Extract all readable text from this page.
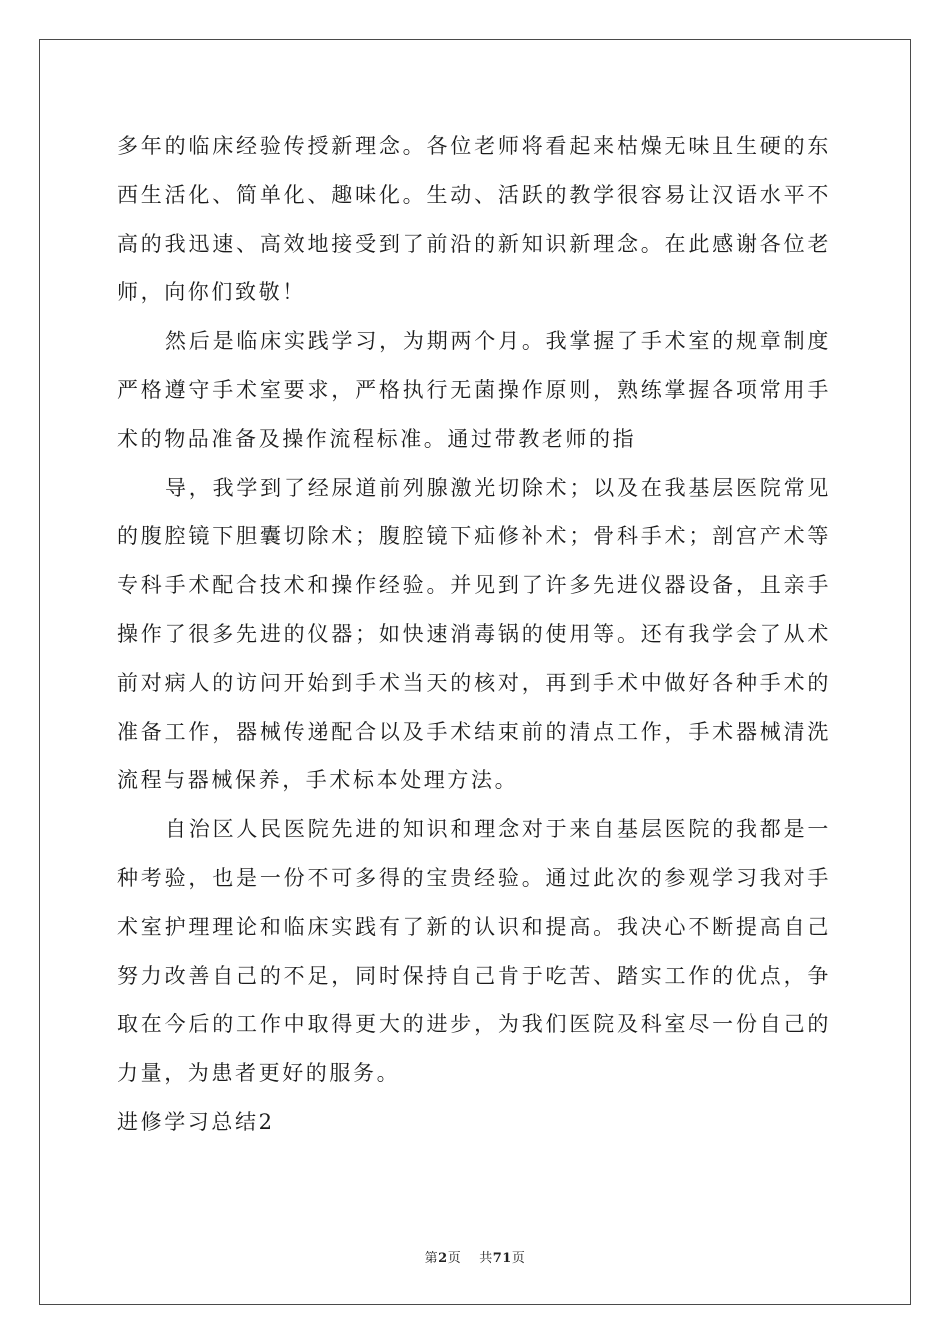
多年的临床经验传授新理念。各位老师将看起来枯燥无味且生硬的东西生活化、简单化、趣味化。生动、活跃的教学很容易让汉语水平不高的我迅速、高效地接受到了前沿的新知识新理念。在此感谢各位老师，向你们致敬！

然后是临床实践学习，为期两个月。我掌握了手术室的规章制度严格遵守手术室要求，严格执行无菌操作原则，熟练掌握各项常用手术的物品准备及操作流程标准。通过带教老师的指

导，我学到了经尿道前列腺激光切除术；以及在我基层医院常见的腹腔镜下胆囊切除术；腹腔镜下疝修补术；骨科手术；剖宫产术等专科手术配合技术和操作经验。并见到了许多先进仪器设备，且亲手操作了很多先进的仪器；如快速消毒锅的使用等。还有我学会了从术前对病人的访问开始到手术当天的核对，再到手术中做好各种手术的准备工作，器械传递配合以及手术结束前的清点工作，手术器械清洗流程与器械保养，手术标本处理方法。

自治区人民医院先进的知识和理念对于来自基层医院的我都是一种考验，也是一份不可多得的宝贵经验。通过此次的参观学习我对手术室护理理论和临床实践有了新的认识和提高。我决心不断提高自己努力改善自己的不足，同时保持自己肯于吃苦、踏实工作的优点，争取在今后的工作中取得更大的进步，为我们医院及科室尽一份自己的力量，为患者更好的服务。

进修学习总结2

第2页 共71页
